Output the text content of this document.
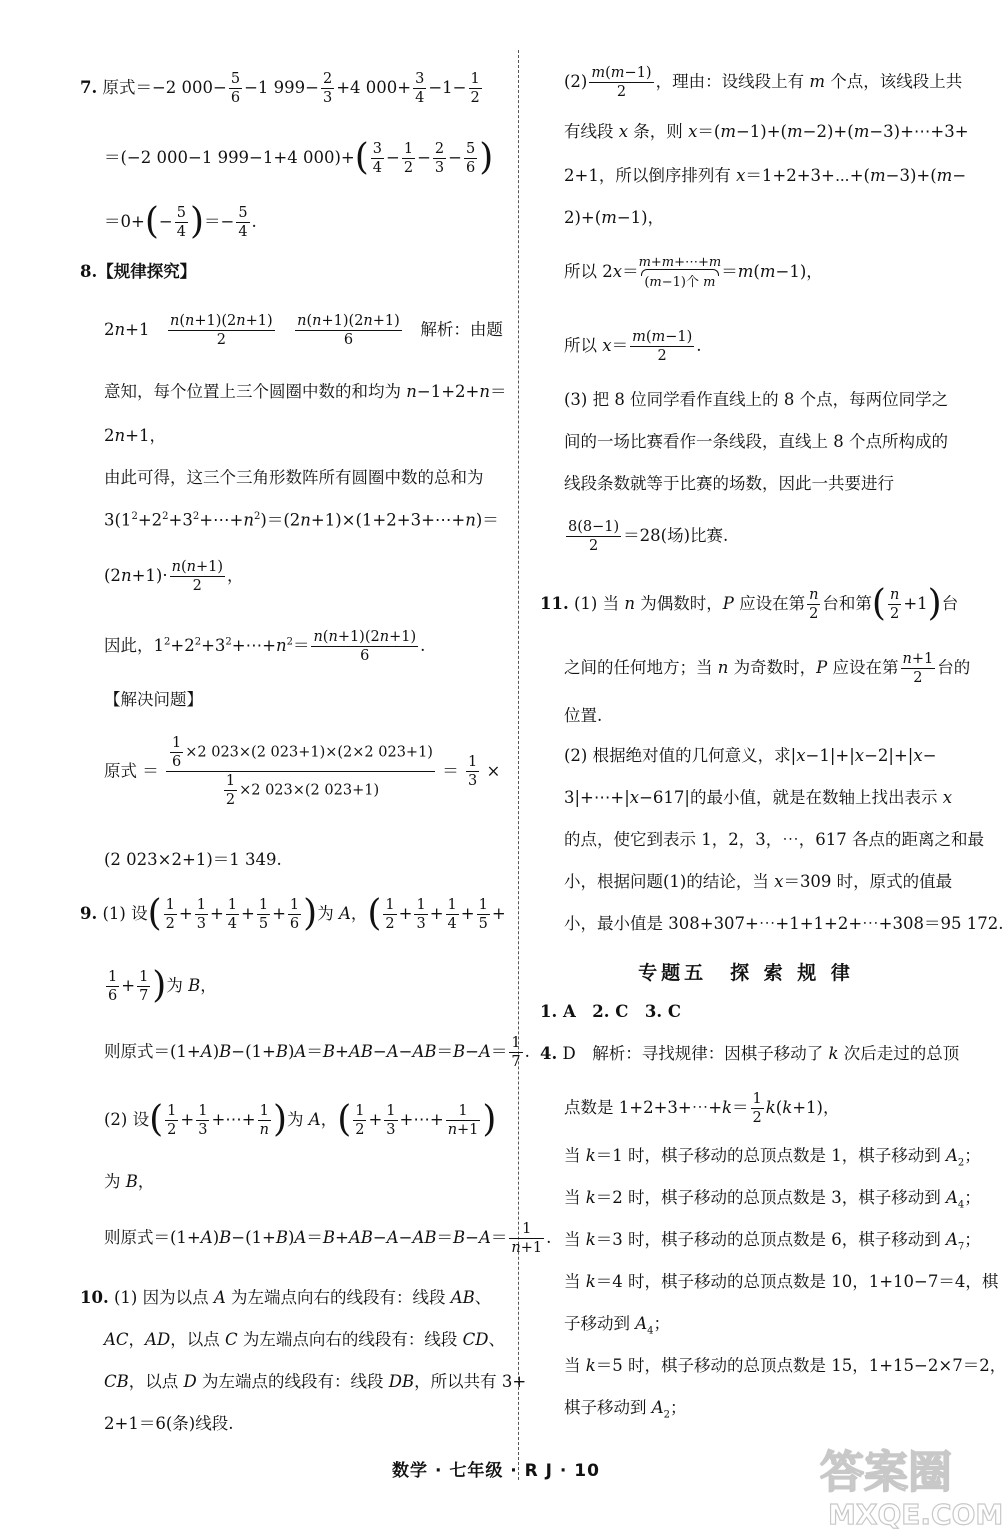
7. 原式＝−2 $000- \frac{5}{6} -1$ $999- \frac{2}{3} +4$ $000+ \frac{3}{4} -1- \frac{1}{2}$
＝(−2 000−1 999−1+4 $000)+( \frac{3}{4} - \frac{1}{2} - \frac{2}{3} - \frac{5}{6}$ )
$=0+(- \frac{5}{4}$ )＝− $\frac{5}{4}$ .
8.【规律探究】
2n+1　 $\frac{n(n+1)(2n+1)}{2}$
　 $\frac{n(n+1)(2n+1)}{6}$ 　解析：由题
意知，每个位置上三个圆圈中数的和均为 n−1+2+n＝
2n+1，
由此可得，这三个三角形数阵所有圆圈中数的总和为
$3(1^2+2^2+3^2+\cdots+n^2)=(2n+1)\times(1+2+3+\cdots+n)=$
$(2n+1)\cdot \frac{n(n+1)}{2}$ ，
因此，$1^2+2^2+3^2+\cdots+n^2= \frac{n(n+1)(2n+1)}{6}$ .
【解决问题】
原式 ＝ $\frac{\frac{1}{6} \times 2 023\times(2 023+1)\times(2\times 2 023+1)}{\frac{1}{2} \times 2 023\times(2 023+1)} = \frac{1}{3}$ ×
(2 023×2+1)＝1 349.
9. (1) 设( $\frac{1}{2} + \frac{1}{3} + \frac{1}{4} + \frac{1}{5} + \frac{1}{6}$ )为 A，( $\frac{1}{2} + \frac{1}{3} + \frac{1}{4} + \frac{1}{5}$ +
$\frac{1}{6} + \frac{1}{7}$ )为 B，
则原式$=(1+A)B-(1+B)A=B+AB-A-AB=B-A= \frac{1}{7}$ .
(2) 设( $\frac{1}{2} + \frac{1}{3}$ +⋯+ $\frac{1}{n}$ )为 A，( $\frac{1}{2} + \frac{1}{3}$ +⋯+ $\frac{1}{n+1}$ )
为 B，
则原式$=(1+A)B-(1+B)A=B+AB-A-AB=B-A= \frac{1}{n+1}$ .
10. (1) 因为以点 A 为左端点向右的线段有：线段 AB、
AC，AD，以点 C 为左端点向右的线段有：线段 CD、
CB，以点 D 为左端点的线段有：线段 DB，所以共有 3+
2+1＝6(条)线段.
$(2) \frac{m(m-1)}{2}$ ，理由：设线段上有 m 个点，该线段上共
有线段 x 条，则 x＝(m−1)+(m−2)+(m−3)+⋯+3+
2+1，所以倒序排列有 x＝1+2+3+⋯+(m−3)+(m−
2)+(m−1)，
所以 2x＝ m+m+⋯+m
(m−1)个 m
＝m(m−1)，
所以 $x= \frac{m(m-1)}{2}$ .
(3) 把 8 位同学看作直线上的 8 个点，每两位同学之
间的一场比赛看作一条线段，直线上 8 个点所构成的
线段条数就等于比赛的场数，因此一共要进行
$\frac{8(8-1)}{2} =28$(场)比赛.
11. (1) 当 n 为偶数时，P 应设在第 $\frac{n}{2}$ 台和第( $\frac{n}{2} +1$)台
之间的任何地方；当 n 为奇数时，P 应设在第 $\frac{n+1}{2}$ 台的
位置.
(2) 根据绝对值的几何意义，求|x−1|+|x−2|+|x−
3|+⋯+|x−617|的最小值，就是在数轴上找出表示 x
的点，使它到表示 1，2，3，⋯，617 各点的距离之和最
小，根据问题(1)的结论，当 x＝309 时，原式的值最
小，最小值是 308+307+⋯+1+1+2+⋯+308＝95 172.
专题五　探 索 规 律
1. A　2. C　3. C
4. D　解析：寻找规律：因棋子移动了 k 次后走过的总顶
点数是 1+2+3+⋯+k＝ $\frac{1}{2} k(k+1)$，
当 k＝1 时，棋子移动的总顶点数是 1，棋子移动到 $A_2$；
当 k＝2 时，棋子移动的总顶点数是 3，棋子移动到 $A_4$；
当 k＝3 时，棋子移动的总顶点数是 6，棋子移动到 $A_7$；
当 k＝4 时，棋子移动的总顶点数是 10，1+10−7＝4，棋
子移动到 $A_4$；
当 k＝5 时，棋子移动的总顶点数是 15，1+15−2×7＝2，
棋子移动到 $A_2$；
数学 · 七年级 · R J · 10	答案圈
MXQE.COM
